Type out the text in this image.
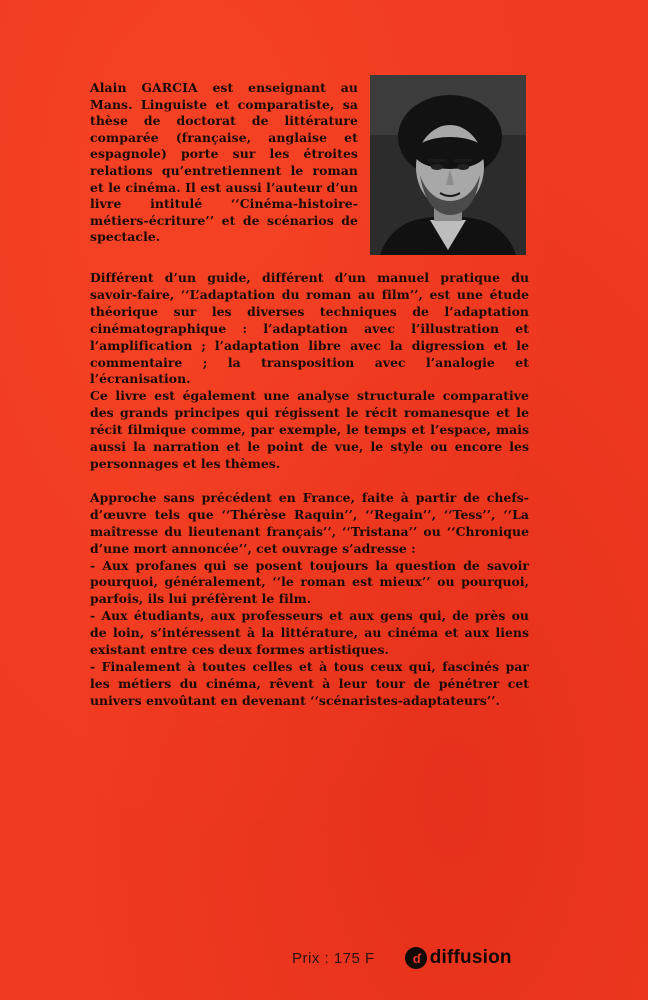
Alain GARCIA est enseignant au Mans. Linguiste et comparatiste, sa thèse de doctorat de littérature comparée (française, anglaise et espagnole) porte sur les étroites relations qu’entretiennent le roman et le cinéma. Il est aussi l’auteur d’un livre intitulé ‘‘Cinéma-histoire-métiers-écriture’’ et de scénarios de spectacle.

Différent d’un guide, différent d’un manuel pratique du savoir-faire, ‘‘L’adaptation du roman au film’’, est une étude théorique sur les diverses techniques de l’adaptation cinématographique : l’adaptation avec l’illustration et l’amplification ; l’adaptation libre avec la digression et le commentaire ; la transposition avec l’analogie et l’écranisation.

Ce livre est également une analyse structurale comparative des grands principes qui régissent le récit romanesque et le récit filmique comme, par exemple, le temps et l’espace, mais aussi la narration et le point de vue, le style ou encore les personnages et les thèmes.

Approche sans précédent en France, faite à partir de chefs-d’œuvre tels que ‘‘Thérèse Raquin’’, ‘‘Regain’’, ‘‘Tess’’, ‘‘La maîtresse du lieutenant français’’, ‘‘Tristana’’ ou ‘‘Chronique d’une mort annoncée’’, cet ouvrage s’adresse :

- Aux profanes qui se posent toujours la question de savoir pourquoi, généralement, ‘‘le roman est mieux’’ ou pourquoi, parfois, ils lui préfèrent le film.

- Aux étudiants, aux professeurs et aux gens qui, de près ou de loin, s’intéressent à la littérature, au cinéma et aux liens existant entre ces deux formes artistiques.

- Finalement à toutes celles et à tous ceux qui, fascinés par les métiers du cinéma, rêvent à leur tour de pénétrer cet univers envoûtant en devenant ‘‘scénaristes-adaptateurs’’.

Prix : 175 F	ɗ diffusion
